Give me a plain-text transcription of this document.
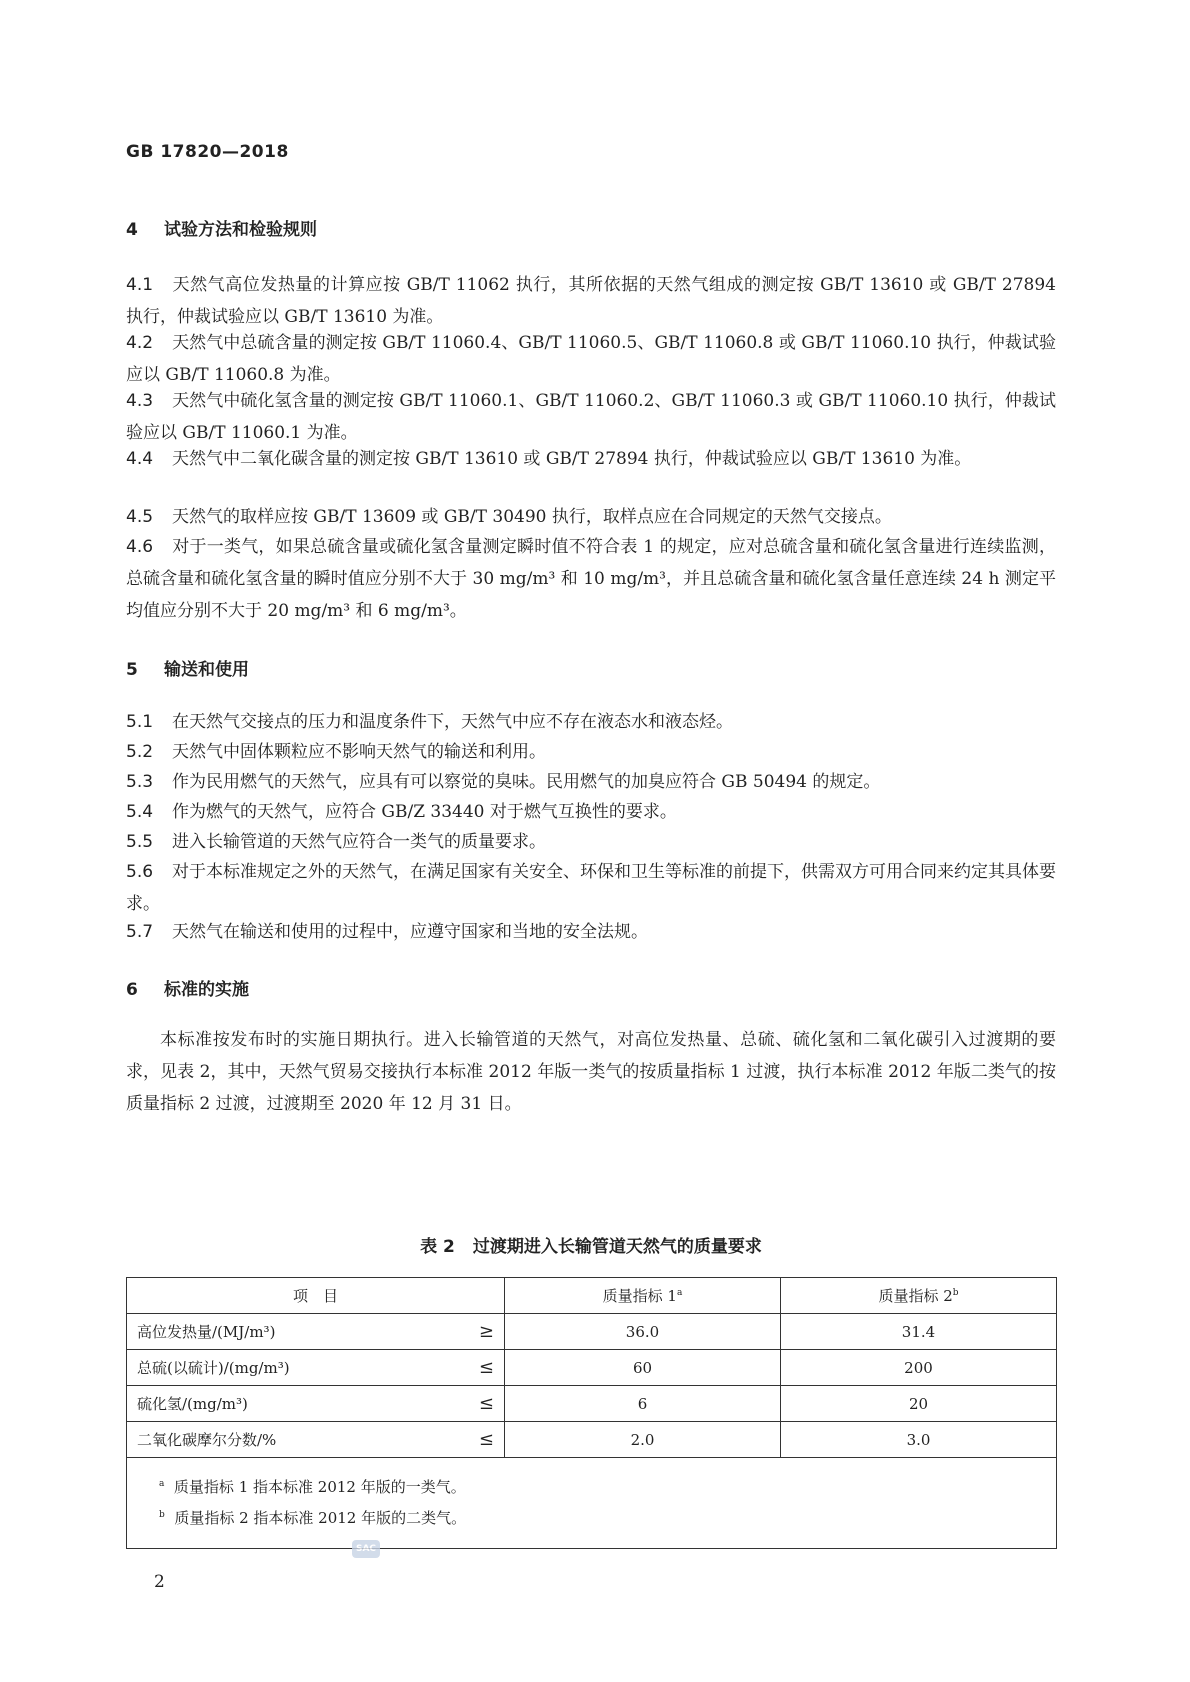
GB 17820—2018
4 试验方法和检验规则
4.1 天然气高位发热量的计算应按 GB/T 11062 执行，其所依据的天然气组成的测定按 GB/T 13610 或 GB/T 27894 执行，仲裁试验应以 GB/T 13610 为准。
4.2 天然气中总硫含量的测定按 GB/T 11060.4、GB/T 11060.5、GB/T 11060.8 或 GB/T 11060.10 执行，仲裁试验应以 GB/T 11060.8 为准。
4.3 天然气中硫化氢含量的测定按 GB/T 11060.1、GB/T 11060.2、GB/T 11060.3 或 GB/T 11060.10 执行，仲裁试验应以 GB/T 11060.1 为准。
4.4 天然气中二氧化碳含量的测定按 GB/T 13610 或 GB/T 27894 执行，仲裁试验应以 GB/T 13610 为准。
4.5 天然气的取样应按 GB/T 13609 或 GB/T 30490 执行，取样点应在合同规定的天然气交接点。
4.6 对于一类气，如果总硫含量或硫化氢含量测定瞬时值不符合表 1 的规定，应对总硫含量和硫化氢含量进行连续监测，总硫含量和硫化氢含量的瞬时值应分别不大于 30 mg/m³ 和 10 mg/m³，并且总硫含量和硫化氢含量任意连续 24 h 测定平均值应分别不大于 20 mg/m³ 和 6 mg/m³。
5 输送和使用
5.1 在天然气交接点的压力和温度条件下，天然气中应不存在液态水和液态烃。
5.2 天然气中固体颗粒应不影响天然气的输送和利用。
5.3 作为民用燃气的天然气，应具有可以察觉的臭味。民用燃气的加臭应符合 GB 50494 的规定。
5.4 作为燃气的天然气，应符合 GB/Z 33440 对于燃气互换性的要求。
5.5 进入长输管道的天然气应符合一类气的质量要求。
5.6 对于本标准规定之外的天然气，在满足国家有关安全、环保和卫生等标准的前提下，供需双方可用合同来约定其具体要求。
5.7 天然气在输送和使用的过程中，应遵守国家和当地的安全法规。
6 标准的实施
本标准按发布时的实施日期执行。进入长输管道的天然气，对高位发热量、总硫、硫化氢和二氧化碳引入过渡期的要求，见表 2，其中，天然气贸易交接执行本标准 2012 年版一类气的按质量指标 1 过渡，执行本标准 2012 年版二类气的按质量指标 2 过渡，过渡期至 2020 年 12 月 31 日。
表 2 过渡期进入长输管道天然气的质量要求
项　目		质量指标 1$^a$	质量指标 2$^b$
高位发热量/(MJ/m³)	≥	36.0	31.4
总硫(以硫计)/(mg/m³)	≤	60	200
硫化氢/(mg/m³)	≤	6	20
二氧化碳摩尔分数/%	≤	2.0	3.0

$^a$ 质量指标 1 指本标准 2012 年版的一类气。
$^b$ 质量指标 2 指本标准 2012 年版的二类气。			
SAC
2
